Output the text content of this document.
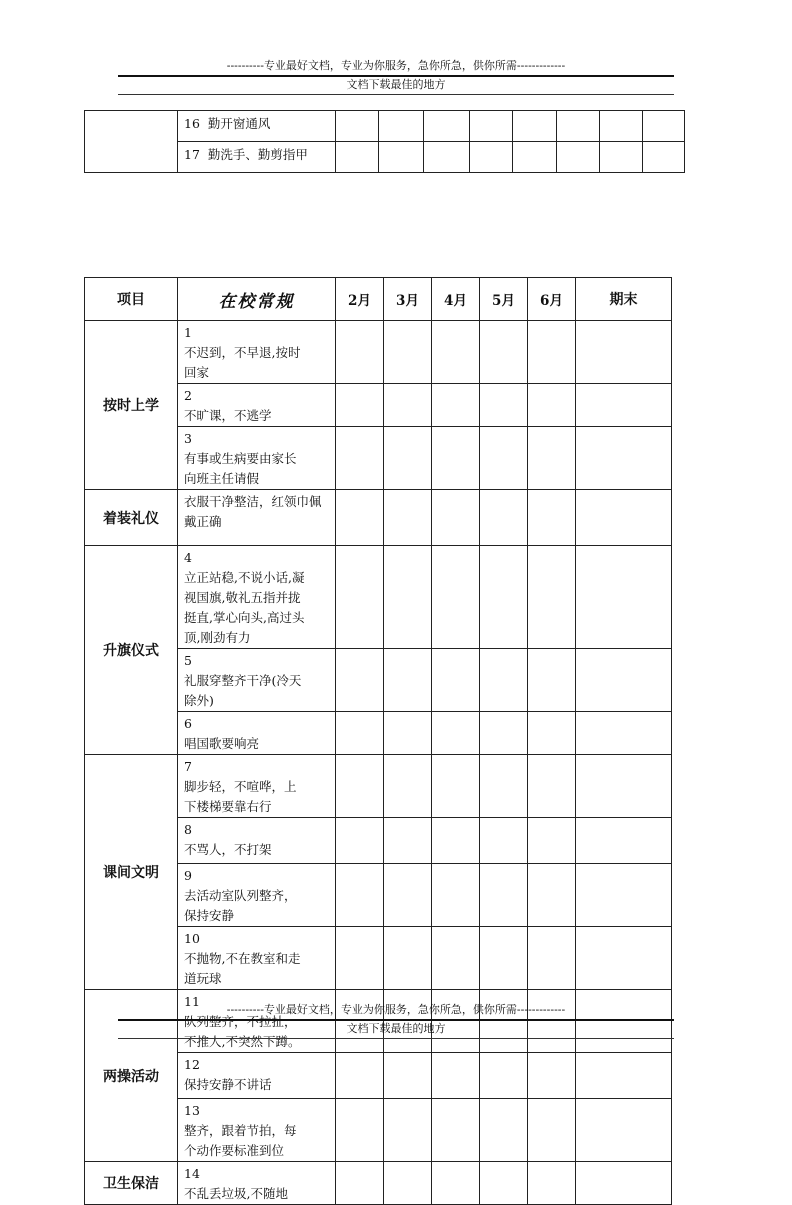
----------专业最好文档，专业为你服务，急你所急，供你所需-------------
文档下载最佳的地方
	16 勤开窗通风								
	17 勤洗手、勤剪指甲								
项目	在校常规	2月	3月	4月	5月	6月	期末
按时上学	1不迟到，不早退,按时回家						
	2不旷课，不逃学						
	3有事或生病要由家长向班主任请假						
着装礼仪	衣服干净整洁，红领巾佩戴正确						
升旗仪式	4立正站稳,不说小话,凝视国旗,敬礼五指并拢挺直,掌心向头,高过头顶,刚劲有力						
	5礼服穿整齐干净(冷天除外)						
	6唱国歌要响亮						
课间文明	7脚步轻，不喧哗，上下楼梯要靠右行						
	8不骂人，不打架						
	9去活动室队列整齐，保持安静						
	10不抛物,不在教室和走道玩球						
两操活动	11队列整齐，不拉扯，不推人,不突然下蹲。						
	12保持安静不讲话						
	13整齐，跟着节拍，每个动作要标准到位						
卫生保洁	14不乱丢垃圾,不随地						
----------专业最好文档，专业为你服务，急你所急，供你所需-------------
文档下载最佳的地方
